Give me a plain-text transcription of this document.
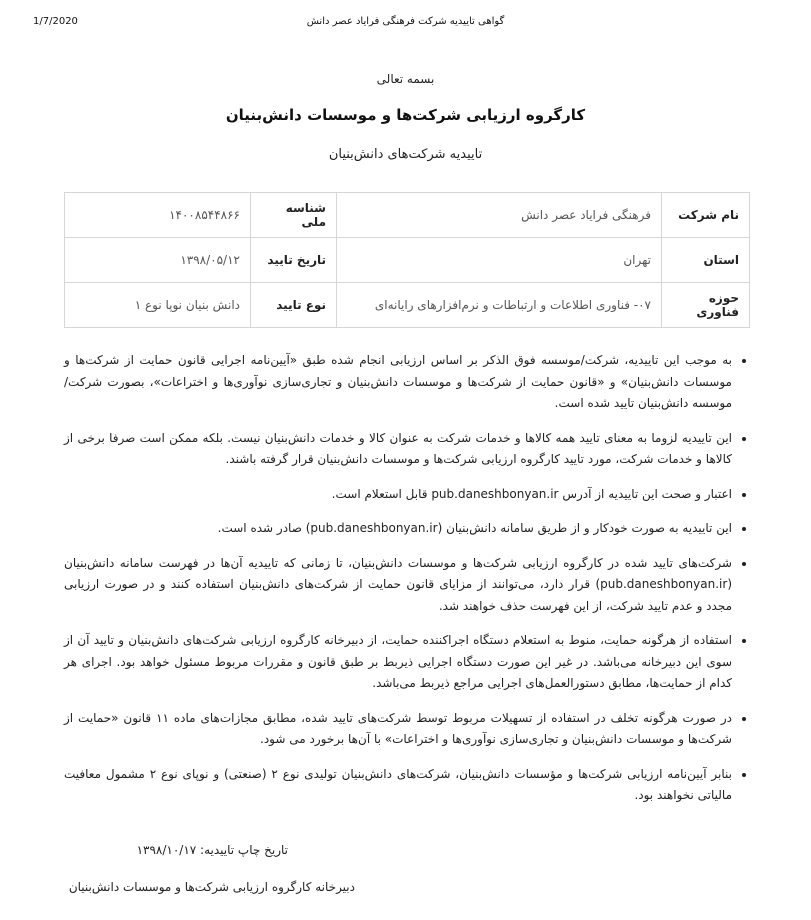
1/7/2020	گواهی تاییدیه شرکت فرهنگی فرایاد عصر دانش
بسمه تعالی
کارگروه ارزیابی شرکت‌ها و موسسات دانش‌بنیان
تاییدیه شرکت‌های دانش‌بنیان
نام شرکت	فرهنگی فرایاد عصر دانش	شناسه ملی	۱۴۰۰۸۵۴۴۸۶۶
استان	تهران	تاریخ تایید	۱۳۹۸/۰۵/۱۲
حوزه فناوری	۰۷- فناوری اطلاعات و ارتباطات و نرم‌افزارهای رایانه‌ای	نوع تایید	دانش بنیان نوپا نوع ۱
• به موجب این تاییدیه، شرکت/موسسه فوق الذکر بر اساس ارزیابی انجام شده طبق «آیین‌نامه اجرایی قانون حمایت از شرکت‌ها و موسسات دانش‌بنیان» و «قانون حمایت از شرکت‌ها و موسسات دانش‌بنیان و تجاری‌سازی نوآوری‌ها و اختراعات»، بصورت شرکت/موسسه دانش‌بنیان تایید شده است.
• این تاییدیه لزوما به معنای تایید همه کالاها و خدمات شرکت به عنوان کالا و خدمات دانش‌بنیان نیست. بلکه ممکن است صرفا برخی از کالاها و خدمات شرکت، مورد تایید کارگروه ارزیابی شرکت‌ها و موسسات دانش‌بنیان قرار گرفته باشند.
• اعتبار و صحت این تاییدیه از آدرس pub.daneshbonyan.ir قابل استعلام است.
• این تاییدیه به صورت خودکار و از طریق سامانه دانش‌بنیان (pub.daneshbonyan.ir) صادر شده است.
• شرکت‌های تایید شده در کارگروه ارزیابی شرکت‌ها و موسسات دانش‌بنیان، تا زمانی که تاییدیه آن‌ها در فهرست سامانه دانش‌بنیان (pub.daneshbonyan.ir) قرار دارد، می‌توانند از مزایای قانون حمایت از شرکت‌های دانش‌بنیان استفاده کنند و در صورت ارزیابی مجدد و عدم تایید شرکت، از این فهرست حذف خواهند شد.
• استفاده از هرگونه حمایت، منوط به استعلام دستگاه اجراکننده حمایت، از دبیرخانه کارگروه ارزیابی شرکت‌های دانش‌بنیان و تایید آن از سوی این دبیرخانه می‌باشد. در غیر این صورت دستگاه اجرایی ذیربط بر طبق قانون و مقررات مربوط مسئول خواهد بود. اجرای هر کدام از حمایت‌ها، مطابق دستورالعمل‌های اجرایی مراجع ذیربط می‌باشد.
• در صورت هرگونه تخلف در استفاده از تسهیلات مربوط توسط شرکت‌های تایید شده، مطابق مجازات‌های ماده ۱۱ قانون «حمایت از شرکت‌ها و موسسات دانش‌بنیان و تجاری‌سازی نوآوری‌ها و اختراعات» با آن‌ها برخورد می شود.
• بنابر آیین‌نامه ارزیابی شرکت‌ها و مؤسسات دانش‌بنیان، شرکت‌های دانش‌بنیان تولیدی نوع ۲ (صنعتی) و نوپای نوع ۲ مشمول معافیت مالیاتی نخواهند بود.
تاریخ چاپ تاییدیه: ۱۳۹۸/۱۰/۱۷
دبیرخانه کارگروه ارزیابی شرکت‌ها و موسسات دانش‌بنیان
